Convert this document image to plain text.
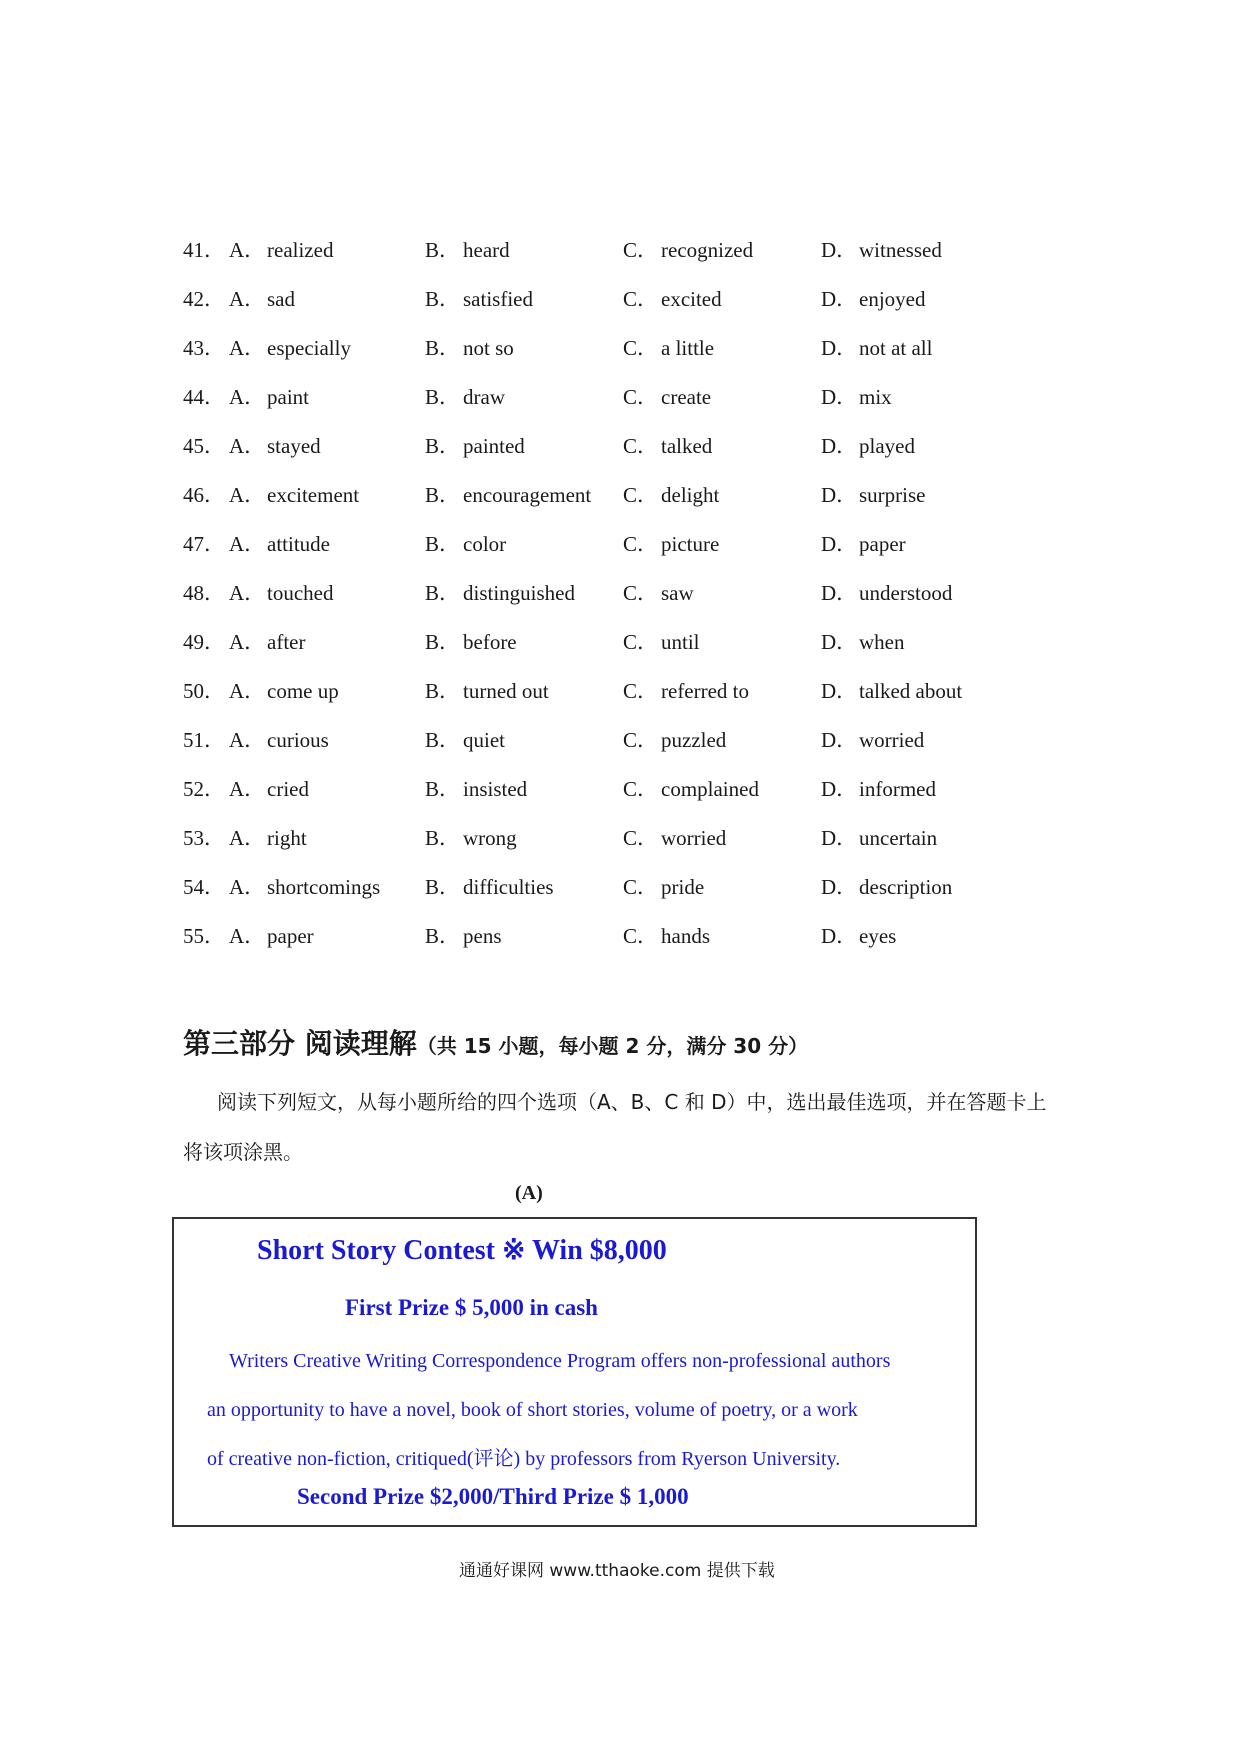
41． A．realized	B． heard	C． recognized	D．witnessed
42． A．sad	B． satisfied	C． excited	D．enjoyed
43． A．especially	B． not so	C． a little	D．not at all
44． A．paint	B． draw	C． create	D．mix
45． A．stayed	B． painted	C． talked	D．played
46． A．excitement	B． encouragement C． delight	D．surprise
47． A．attitude	B． color	C． picture	D．paper
48． A．touched	B． distinguished C． saw	D．understood
49． A．after	B． before	C． until	D．when
50． A．come up	B． turned out	C． referred to	D．talked about
51． A．curious	B． quiet	C． puzzled	D．worried
52． A．cried	B． insisted	C． complained	D．informed
53． A．right	B． wrong	C． worried	D．uncertain
54． A．shortcomings B． difficulties	C． pride	D．description
55． A．paper	B． pens	C． hands	D．eyes
第三部分 阅读理解（共 15 小题，每小题 2 分，满分 30 分）
阅读下列短文，从每小题所给的四个选项（A、B、C 和 D）中，选出最佳选项，并在答题卡上将该项涂黑。
(A)
Short Story Contest ※ Win $8,000
First Prize $ 5,000 in cash
Writers Creative Writing Correspondence Program offers non-professional authors
an opportunity to have a novel, book of short stories, volume of poetry, or a work
of creative non-fiction, critiqued(评论) by professors from Ryerson University.
Second Prize $2,000/Third Prize $ 1,000
通通好课网 www.tthaoke.com 提供下载
